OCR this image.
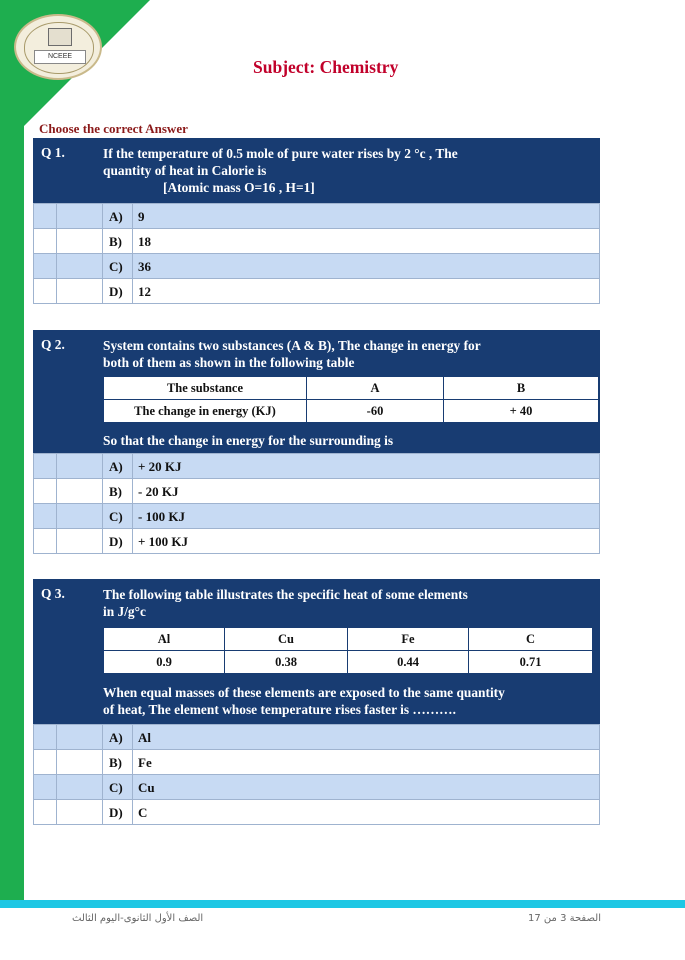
NCEEE
Subject: Chemistry
Choose the correct Answer
Q 1.	If the temperature of 0.5 mole of pure water rises by 2 °c , The
quantity of heat in Calorie is
[Atomic mass O=16 , H=1]
A) 9
B) 18
C) 36
D) 12
Q 2.	System contains two substances (A & B), The change in energy for
both of them as shown in the following table
The substance	A	B
The change in energy (KJ)	-60	+ 40
So that the change in energy for the surrounding is
A) + 20 KJ
B) - 20 KJ
C) - 100 KJ
D) + 100 KJ
Q 3.	The following table illustrates the specific heat of some elements
in J/g°c
Al	Cu	Fe	C
0.9	0.38	0.44	0.71
When equal masses of these elements are exposed to the same quantity
of heat, The element whose temperature rises faster is ……….
A) Al
B) Fe
C) Cu
D) C
الصف الأول الثانوى-اليوم الثالث	الصفحة 3 من 17
